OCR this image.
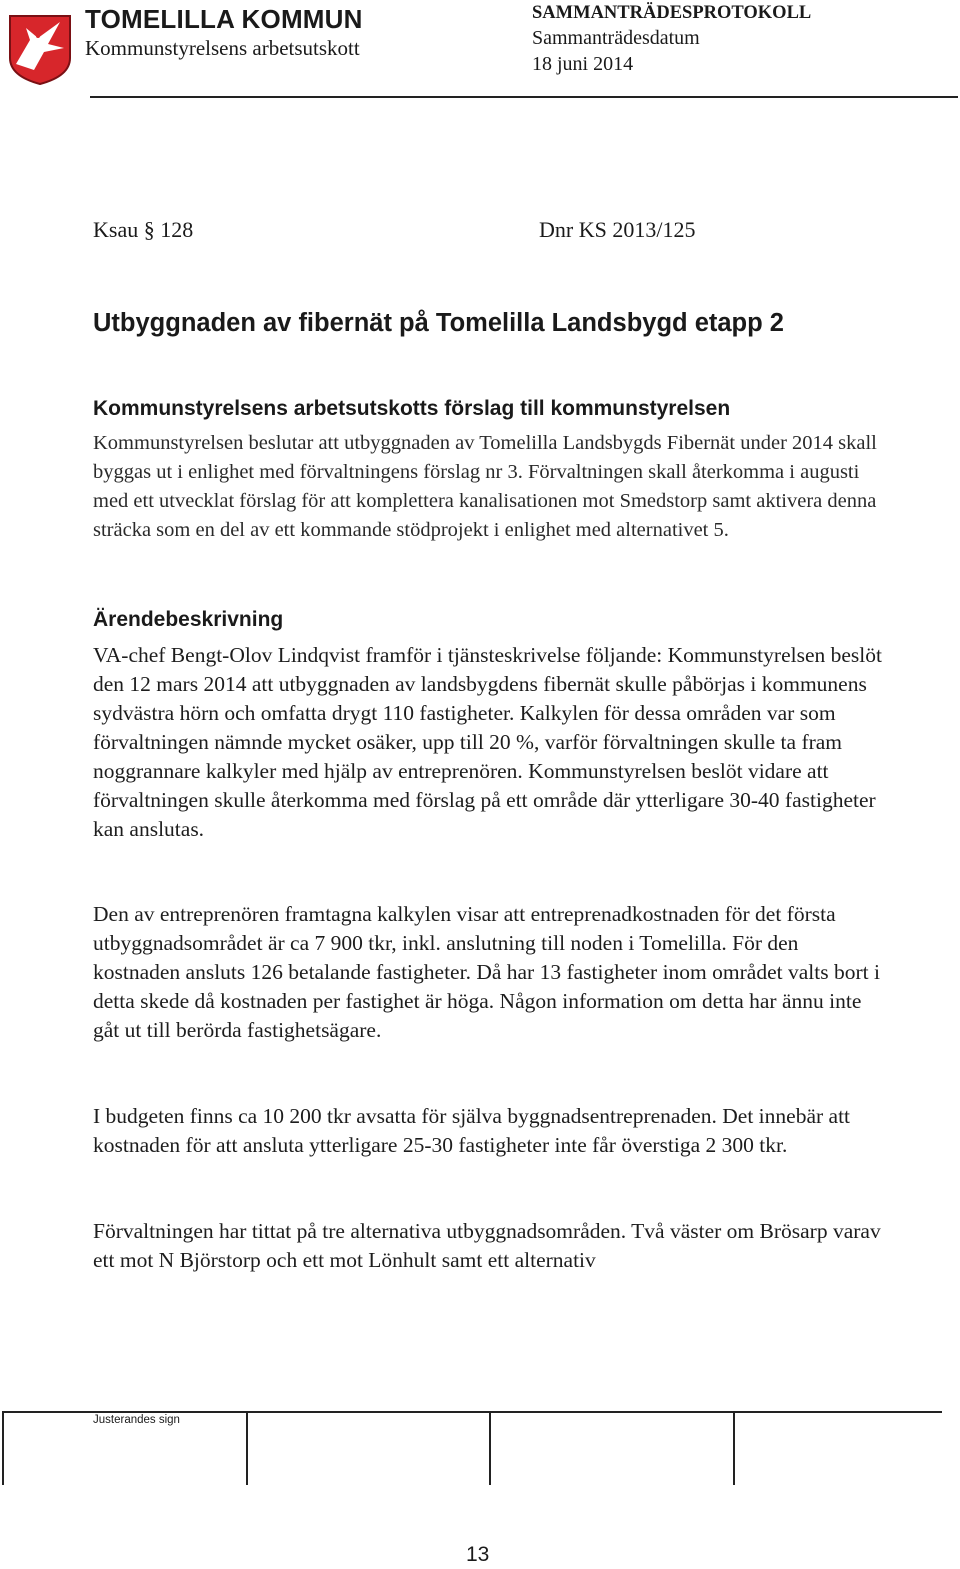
TOMELILLA KOMMUN
Kommunstyrelsens arbetsutskott
SAMMANTRÄDESPROTOKOLL
Sammanträdesdatum
18 juni 2014
Ksau § 128	Dnr KS 2013/125
Utbyggnaden av fibernät på Tomelilla Landsbygd etapp 2
Kommunstyrelsens arbetsutskotts förslag till kommunstyrelsen
Kommunstyrelsen beslutar att utbyggnaden av Tomelilla Landsbygds Fibernät under 2014 skall byggas ut i enlighet med förvaltningens förslag nr 3. Förvaltningen skall återkomma i augusti med ett utvecklat förslag för att komplettera kanalisationen mot Smedstorp samt aktivera denna sträcka som en del av ett kommande stödprojekt i enlighet med alternativet 5.
Ärendebeskrivning
VA-chef Bengt-Olov Lindqvist framför i tjänsteskrivelse följande: Kommunstyrelsen beslöt den 12 mars 2014 att utbyggnaden av landsbygdens fibernät skulle påbörjas i kommunens sydvästra hörn och omfatta drygt 110 fastigheter. Kalkylen för dessa områden var som förvaltningen nämnde mycket osäker, upp till 20 %, varför förvaltningen skulle ta fram noggrannare kalkyler med hjälp av entreprenören. Kommunstyrelsen beslöt vidare att förvaltningen skulle återkomma med förslag på ett område där ytterligare 30-40 fastigheter kan anslutas.
Den av entreprenören framtagna kalkylen visar att entreprenadkostnaden för det första utbyggnadsområdet är ca 7 900 tkr, inkl. anslutning till noden i Tomelilla. För den kostnaden ansluts 126 betalande fastigheter. Då har 13 fastigheter inom området valts bort i detta skede då kostnaden per fastighet är höga. Någon information om detta har ännu inte gåt ut till berörda fastighetsägare.
I budgeten finns ca 10 200 tkr avsatta för själva byggnadsentreprenaden. Det innebär att kostnaden för att ansluta ytterligare 25-30 fastigheter inte får överstiga 2 300 tkr.
Förvaltningen har tittat på tre alternativa utbyggnadsområden. Två väster om Brösarp varav ett mot N Björstorp och ett mot Lönhult samt ett alternativ
Justerandes sign
13
